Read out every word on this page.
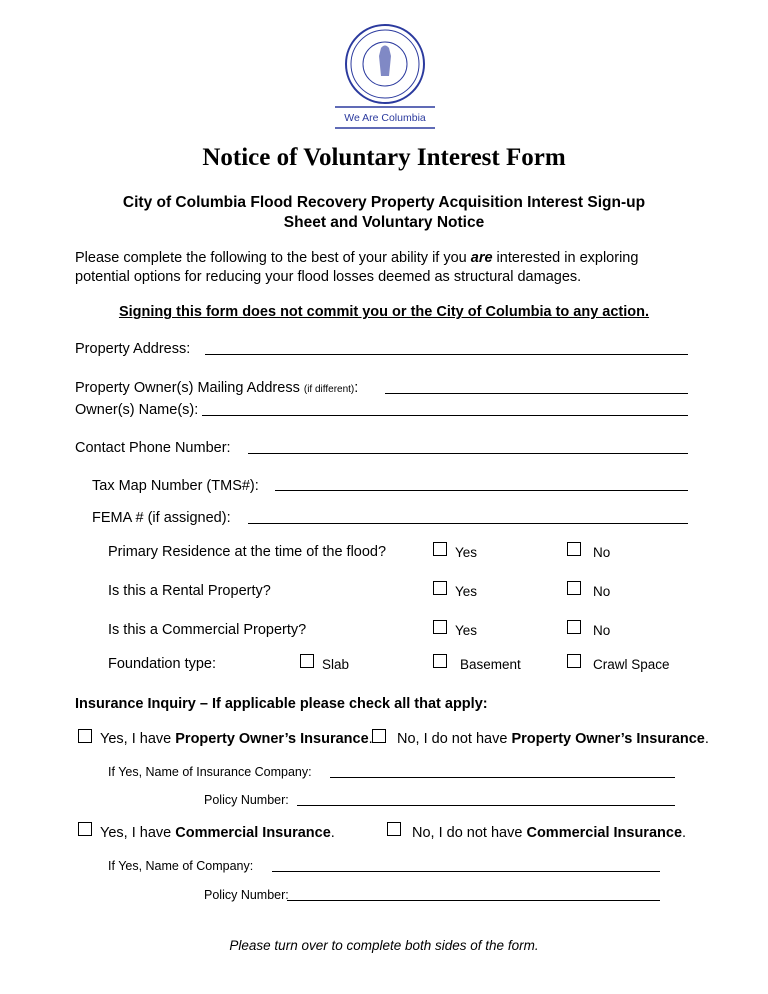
We Are Columbia
Notice of Voluntary Interest Form
City of Columbia Flood Recovery Property Acquisition Interest Sign-up
Sheet and Voluntary Notice
Please complete the following to the best of your ability if you are interested in exploring
potential options for reducing your flood losses deemed as structural damages.
Signing this form does not commit you or the City of Columbia to any action.
Property Address:
Property Owner(s) Mailing Address (if different):
Owner(s) Name(s):
Contact Phone Number:
Tax Map Number (TMS#):
FEMA # (if assigned):
Primary Residence at the time of the flood?	Yes	No
Is this a Rental Property?	Yes	No
Is this a Commercial Property?	Yes	No
Foundation type:	Slab	Basement	Crawl Space
Insurance Inquiry – If applicable please check all that apply:
Yes, I have Property Owner’s Insurance. No, I do not have Property Owner’s Insurance.
If Yes, Name of Insurance Company:
Policy Number:
Yes, I have Commercial Insurance.	No, I do not have Commercial Insurance.
If Yes, Name of Company:
Policy Number:
Please turn over to complete both sides of the form.
